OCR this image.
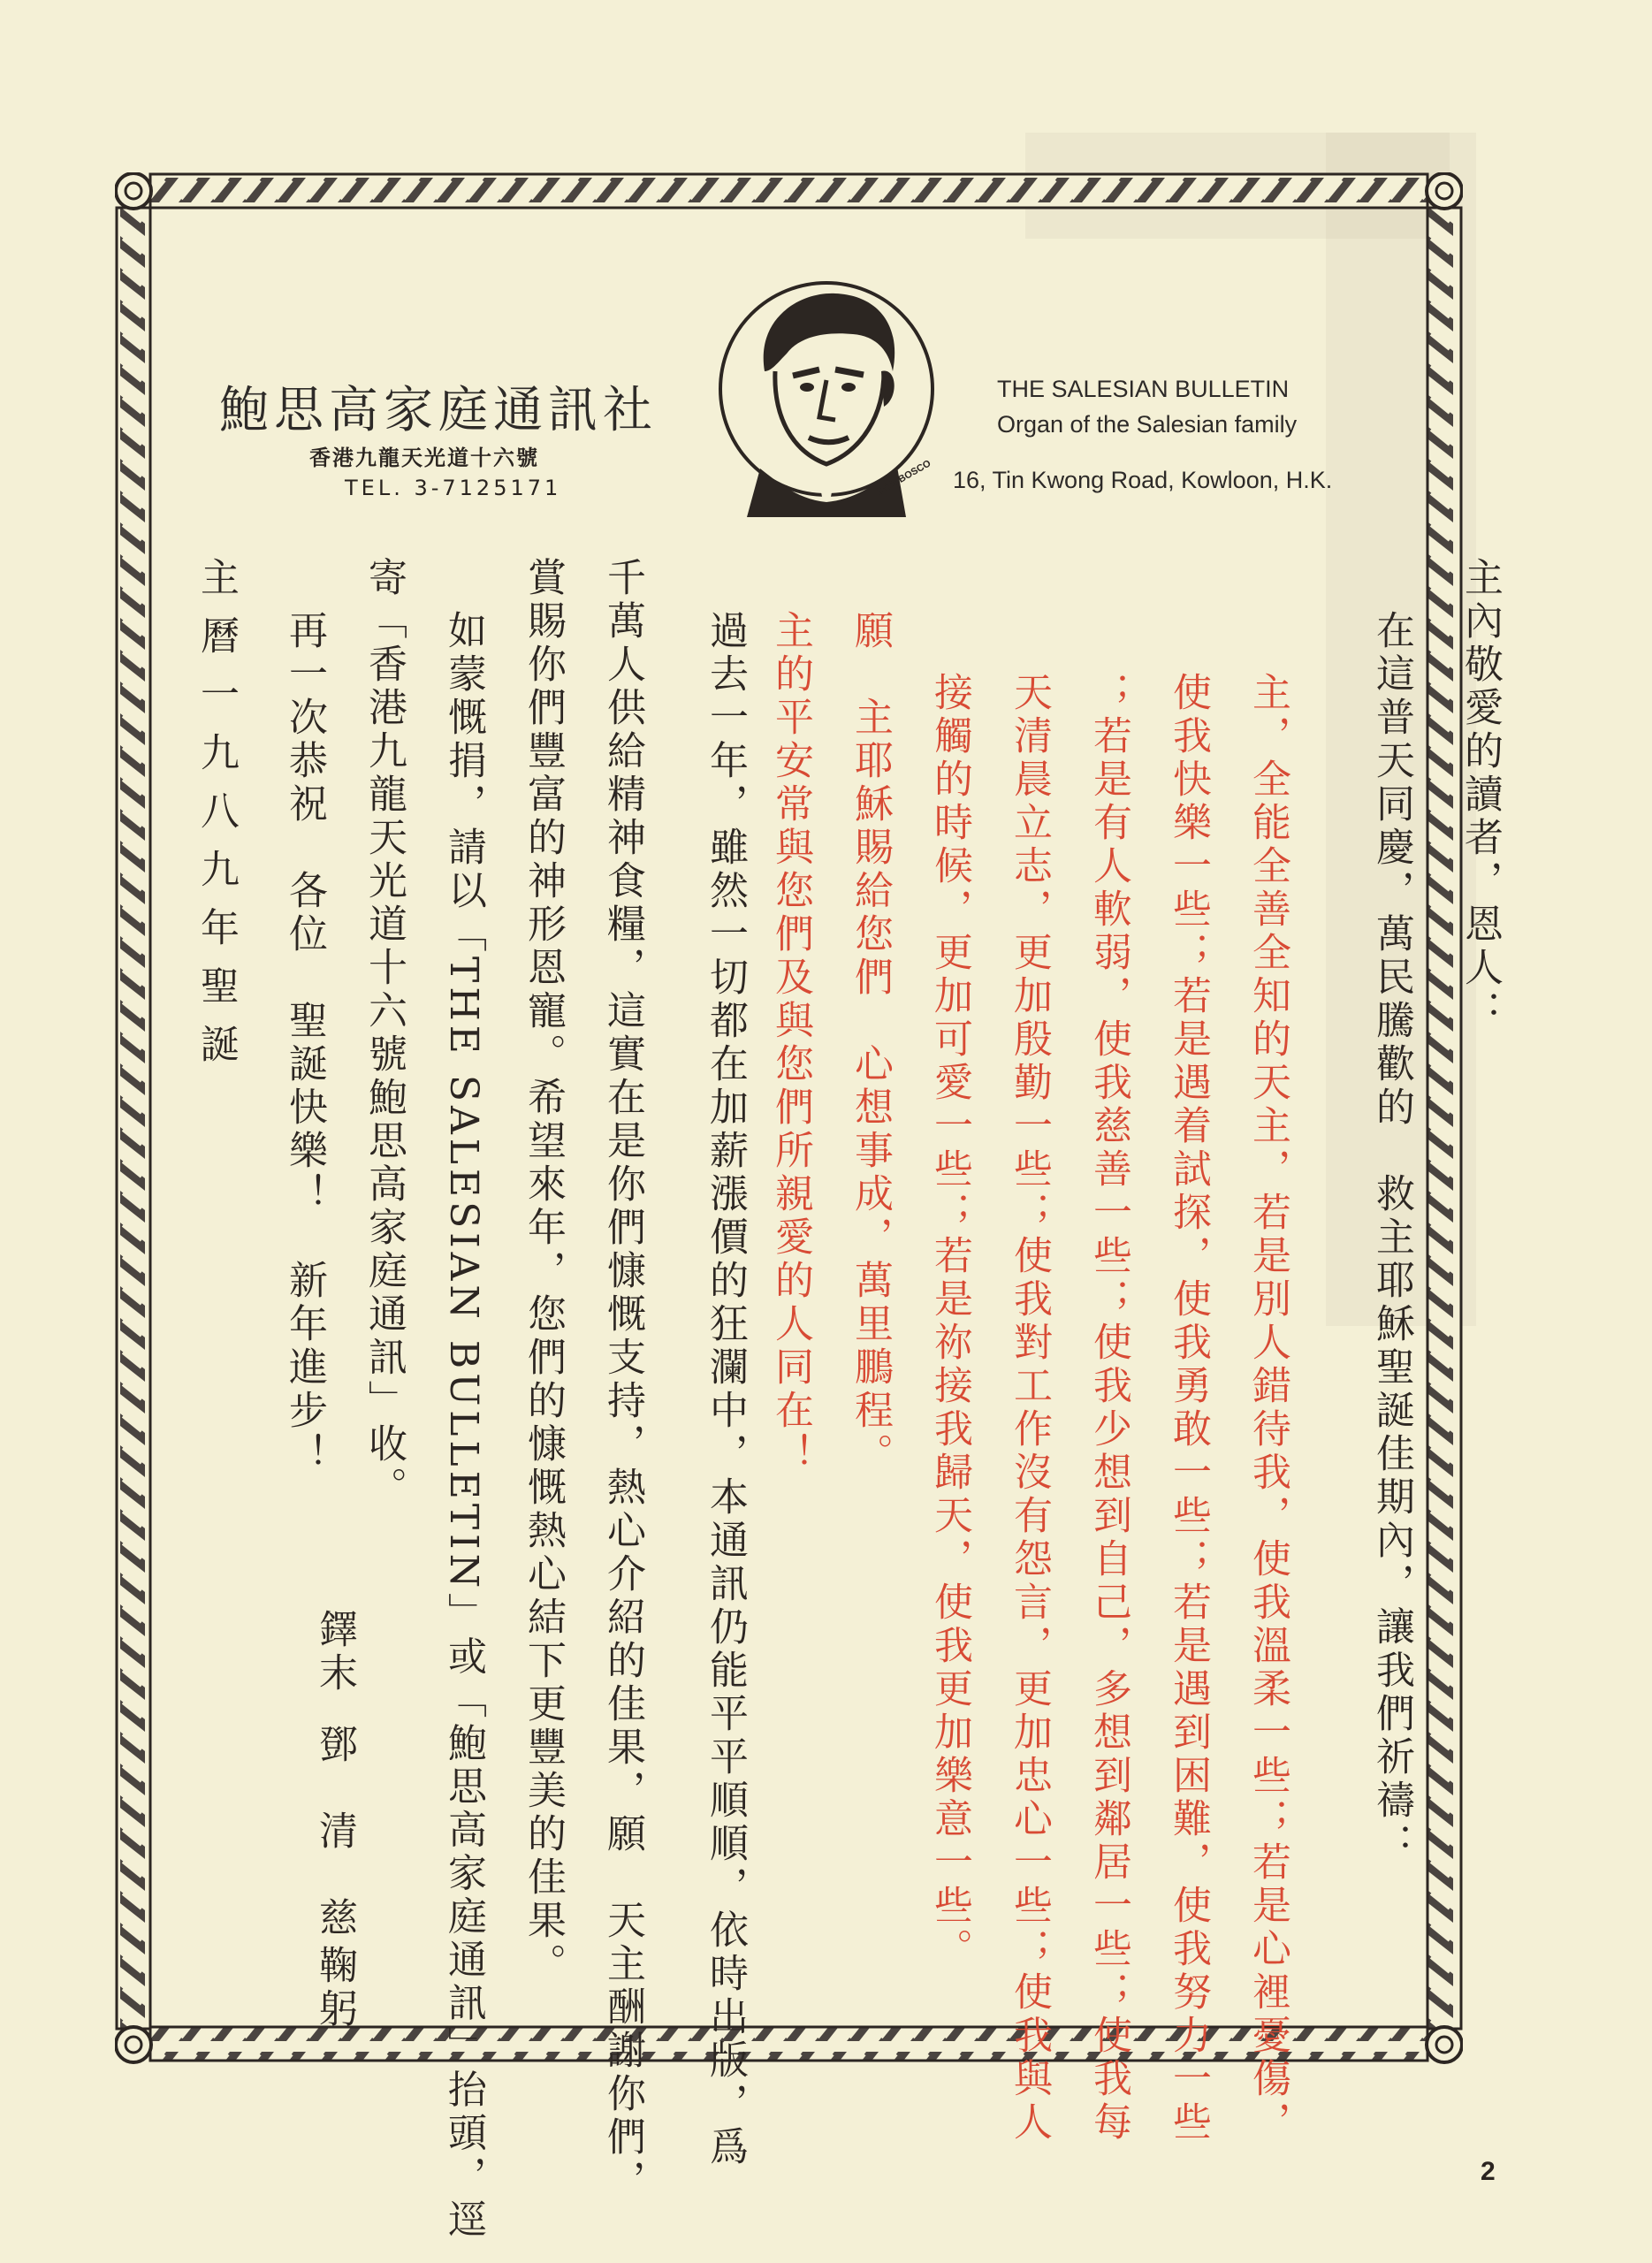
鮑思高家庭通訊社
香港九龍天光道十六號
TEL. 3-7125171	DON BOSCO
THE SALESIAN BULLETIN
Organ of the Salesian family
16, Tin Kwong Road, Kowloon, H.K.
主內敬愛的讀者，恩人：
在這普天同慶，萬民騰歡的　救主耶穌聖誕佳期內，讓我們祈禱：
主，全能全善全知的天主，若是別人錯待我，使我溫柔一些；若是心裡憂傷，
使我快樂一些；若是遇着試探，使我勇敢一些；若是遇到困難，使我努力一些
；若是有人軟弱，使我慈善一些；使我少想到自己，多想到鄰居一些；使我每
天清晨立志，更加殷勤一些；使我對工作沒有怨言，更加忠心一些；使我與人
接觸的時候，更加可愛一些；若是祢接我歸天，使我更加樂意一些。
願　主耶穌賜給您們　心想事成，萬里鵬程。
主的平安常與您們及與您們所親愛的人同在！
過去一年，雖然一切都在加薪漲價的狂瀾中，本通訊仍能平平順順，依時出版，爲
千萬人供給精神食糧，這實在是你們慷慨支持，熱心介紹的佳果，願　天主酬謝你們，
賞賜你們豐富的神形恩寵。希望來年，您們的慷慨熱心結下更豐美的佳果。
如蒙慨捐，請以「THE SALESIAN BULLETIN」或「鮑思高家庭通訊」抬頭，逕
寄「香港九龍天光道十六號鮑思高家庭通訊」收。
再一次恭祝　各位　聖誕快樂！　新年進步！
主曆一九八九年聖誕
鐸末
鄧　清　慈
鞠躬
2
